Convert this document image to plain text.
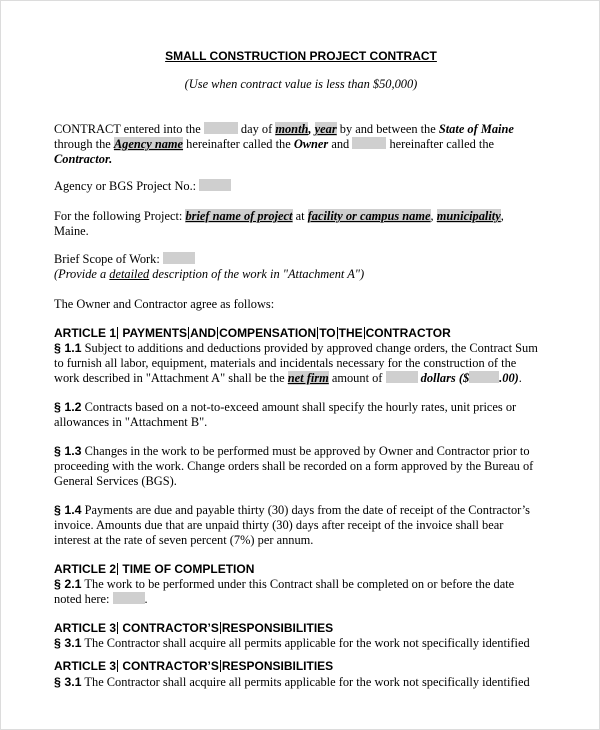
SMALL CONSTRUCTION PROJECT CONTRACT
(Use when contract value is less than $50,000)
CONTRACT entered into the	day of month, year by and between the State of Maine
through the Agency name hereinafter called the Owner and	hereinafter called the
Contractor.
Agency or BGS Project No.:
For the following Project: brief name of project at facility or campus name, municipality,
Maine.
Brief Scope of Work:
(Provide a detailed description of the work in "Attachment A")
The Owner and Contractor agree as follows:
ARTICLE 1 PAYMENTS AND COMPENSATION TO THE CONTRACTOR
§ 1.1 Subject to additions and deductions provided by approved change orders, the Contract Sum
to furnish all labor, equipment, materials and incidentals necessary for the construction of the
work described in "Attachment A" shall be the net firm amount of	dollars ($ .00).
§ 1.2 Contracts based on a not-to-exceed amount shall specify the hourly rates, unit prices or
allowances in "Attachment B".
§ 1.3 Changes in the work to be performed must be approved by Owner and Contractor prior to
proceeding with the work. Change orders shall be recorded on a form approved by the Bureau of
General Services (BGS).
§ 1.4 Payments are due and payable thirty (30) days from the date of receipt of the Contractor’s
invoice. Amounts due that are unpaid thirty (30) days after receipt of the invoice shall bear
interest at the rate of seven percent (7%) per annum.
ARTICLE 2 TIME OF COMPLETION
§ 2.1 The work to be performed under this Contract shall be completed on or before the date
noted here:	.
ARTICLE 3 CONTRACTOR’S RESPONSIBILITIES
§ 3.1 The Contractor shall acquire all permits applicable for the work not specifically identified
ARTICLE 3 CONTRACTOR’S RESPONSIBILITIES
§ 3.1 The Contractor shall acquire all permits applicable for the work not specifically identified
